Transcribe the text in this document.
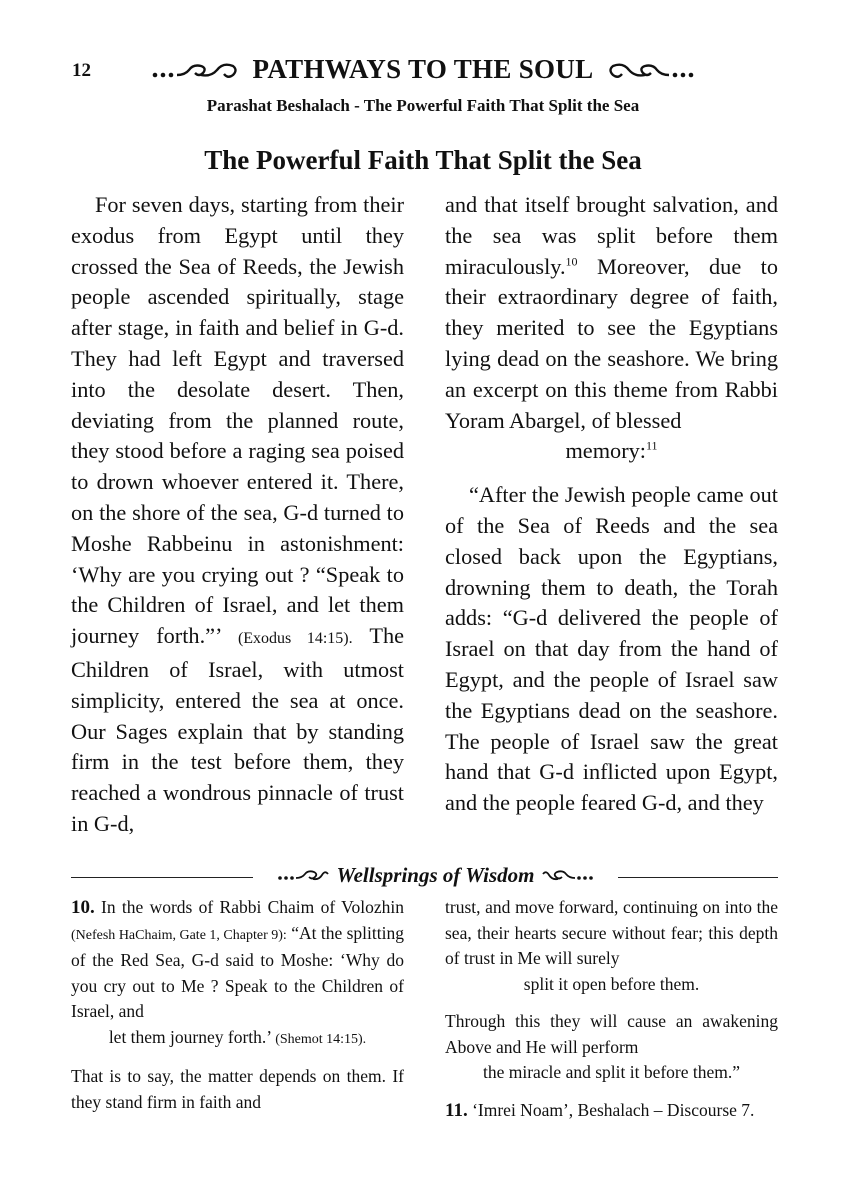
12	PATHWAYS TO THE SOUL
Parashat Beshalach - The Powerful Faith That Split the Sea
The Powerful Faith That Split the Sea

For seven days, starting from their exodus from Egypt until they crossed the Sea of Reeds, the Jewish people ascended spiritually, stage after stage, in faith and belief in G-d. They had left Egypt and traversed into the desolate desert. Then, deviating from the planned route, they stood before a raging sea poised to drown whoever entered it. There, on the shore of the sea, G-d turned to Moshe Rabbeinu in astonishment: ‘Why are you crying out ? “Speak to the Children of Israel, and let them journey forth.”’ (Exodus 14:15). The Children of Israel, with utmost simplicity, entered the sea at once. Our Sages explain that by standing firm in the test before them, they reached a wondrous pinnacle of trust in G-d,

and that itself brought salvation, and the sea was split before them miraculously.$^{10}$ Moreover, due to their extraordinary degree of faith, they merited to see the Egyptians lying dead on the seashore. We bring an excerpt on this theme from Rabbi Yoram Abargel, of blessed
memory:$^{11}$

“After the Jewish people came out of the Sea of Reeds and the sea closed back upon the Egyptians, drowning them to death, the Torah adds: “G-d delivered the people of Israel on that day from the hand of Egypt, and the people of Israel saw the Egyptians dead on the seashore. The people of Israel saw the great hand that G-d inflicted upon Egypt, and the people feared G-d, and they

Wellsprings of Wisdom

10. In the words of Rabbi Chaim of Volozhin (Nefesh HaChaim, Gate 1, Chapter 9): “At the splitting of the Red Sea, G-d said to Moshe: ‘Why do you cry out to Me ? Speak to the Children of Israel, and
let them journey forth.’ (Shemot 14:15).

That is to say, the matter depends on them. If they stand firm in faith and

trust, and move forward, continuing on into the sea, their hearts secure without fear; this depth of trust in Me will surely
split it open before them.

Through this they will cause an awakening Above and He will perform
the miracle and split it before them.”

11. ‘Imrei Noam’, Beshalach – Discourse 7.
